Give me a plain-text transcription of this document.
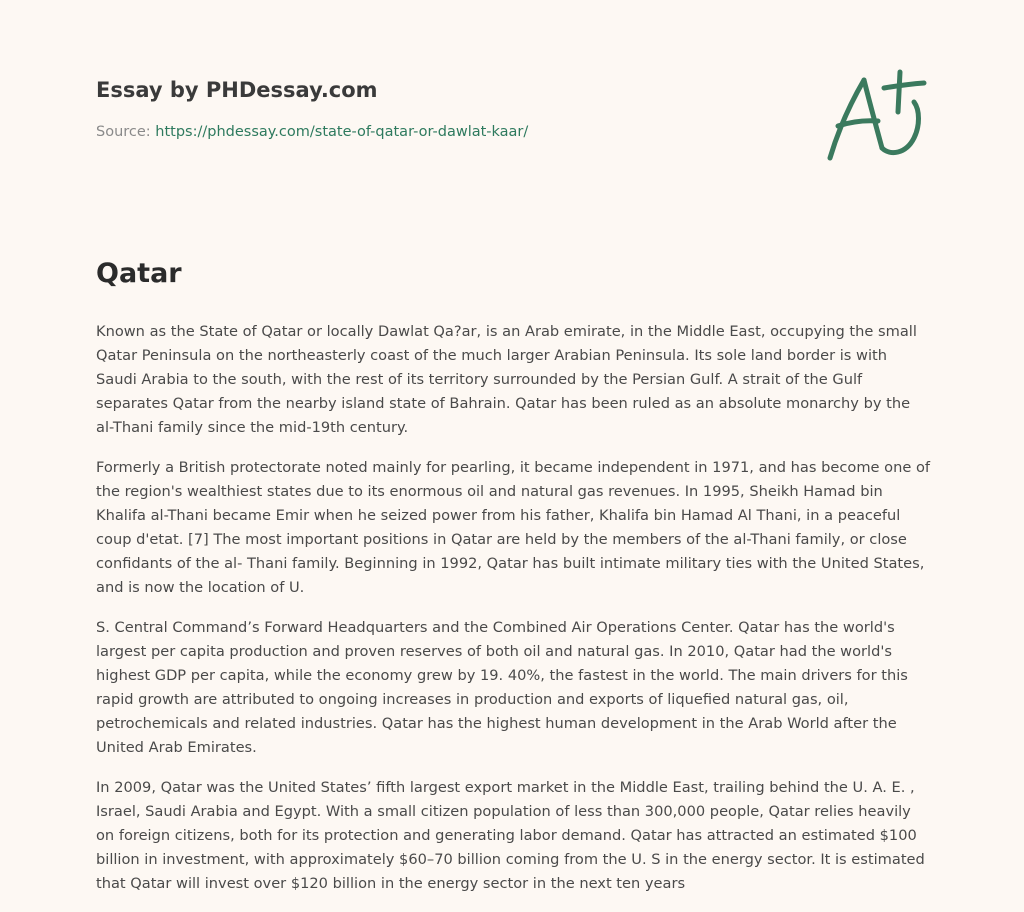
Essay by PHDessay.com
Source: https://phdessay.com/state-of-qatar-or-dawlat-kaar/
Qatar

Known as the State of Qatar or locally Dawlat Qa?ar, is an Arab emirate, in the Middle East, occupying the small Qatar Peninsula on the northeasterly coast of the much larger Arabian Peninsula. Its sole land border is with Saudi Arabia to the south, with the rest of its territory surrounded by the Persian Gulf. A strait of the Gulf separates Qatar from the nearby island state of Bahrain. Qatar has been ruled as an absolute monarchy by the al-Thani family since the mid-19th century.

Formerly a British protectorate noted mainly for pearling, it became independent in 1971, and has become one of the region's wealthiest states due to its enormous oil and natural gas revenues. In 1995, Sheikh Hamad bin Khalifa al-Thani became Emir when he seized power from his father, Khalifa bin Hamad Al Thani, in a peaceful coup d'etat. [7] The most important positions in Qatar are held by the members of the al-Thani family, or close confidants of the al- Thani family. Beginning in 1992, Qatar has built intimate military ties with the United States, and is now the location of U.

S. Central Command’s Forward Headquarters and the Combined Air Operations Center. Qatar has the world's largest per capita production and proven reserves of both oil and natural gas. In 2010, Qatar had the world's highest GDP per capita, while the economy grew by 19. 40%, the fastest in the world. The main drivers for this rapid growth are attributed to ongoing increases in production and exports of liquefied natural gas, oil, petrochemicals and related industries. Qatar has the highest human development in the Arab World after the United Arab Emirates.

In 2009, Qatar was the United States’ fifth largest export market in the Middle East, trailing behind the U. A. E. , Israel, Saudi Arabia and Egypt. With a small citizen population of less than 300,000 people, Qatar relies heavily on foreign citizens, both for its protection and generating labor demand. Qatar has attracted an estimated $100 billion in investment, with approximately $60–70 billion coming from the U. S in the energy sector. It is estimated that Qatar will invest over $120 billion in the energy sector in the next ten years
